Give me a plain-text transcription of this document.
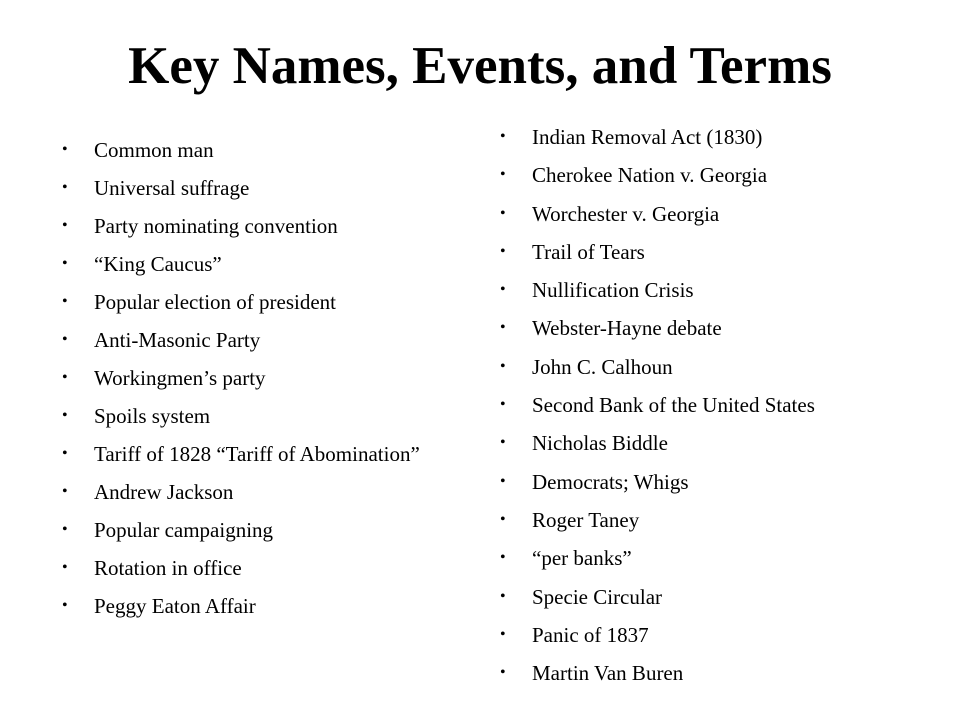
Key Names, Events, and Terms
•	Common man
•	Universal suffrage
•	Party nominating convention
•	“King Caucus”
•	Popular election of president
•	Anti-Masonic Party
•	Workingmen’s party
•	Spoils system
•	Tariff of 1828 “Tariff of Abomination”
•	Andrew Jackson
•	Popular campaigning
•	Rotation in office
•	Peggy Eaton Affair
•	Indian Removal Act (1830)
•	Cherokee Nation v. Georgia
•	Worchester v. Georgia
•	Trail of Tears
•	Nullification Crisis
•	Webster-Hayne debate
•	John C. Calhoun
•	Second Bank of the United States
•	Nicholas Biddle
•	Democrats; Whigs
•	Roger Taney
•	“per banks”
•	Specie Circular
•	Panic of 1837
•	Martin Van Buren
